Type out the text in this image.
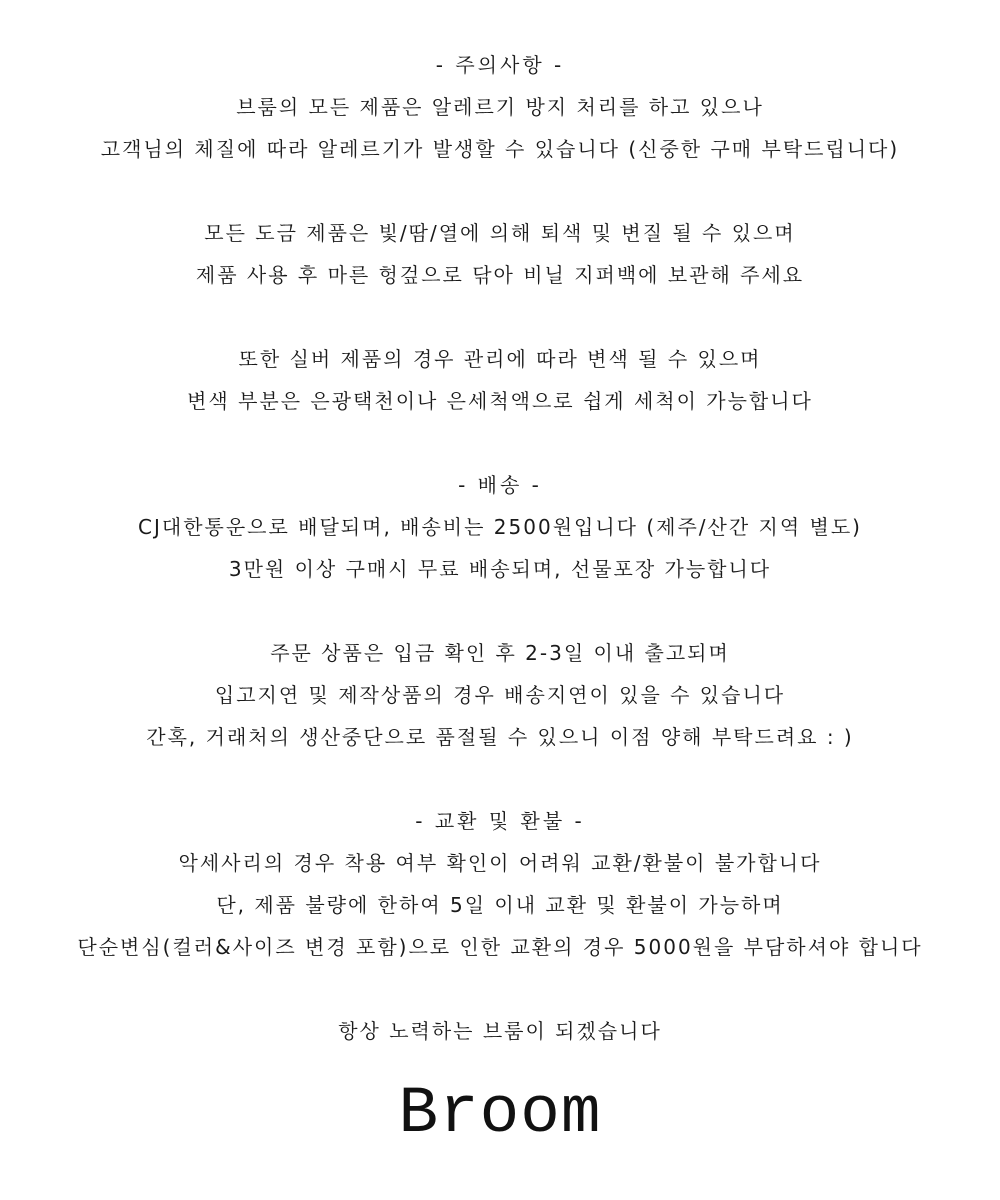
- 주의사항 -
브룸의 모든 제품은 알레르기 방지 처리를 하고 있으나
고객님의 체질에 따라 알레르기가 발생할 수 있습니다 (신중한 구매 부탁드립니다)
모든 도금 제품은 빛/땀/열에 의해 퇴색 및 변질 될 수 있으며
제품 사용 후 마른 헝겊으로 닦아 비닐 지퍼백에 보관해 주세요
또한 실버 제품의 경우 관리에 따라 변색 될 수 있으며
변색 부분은 은광택천이나 은세척액으로 쉽게 세척이 가능합니다
- 배송 -
CJ대한통운으로 배달되며, 배송비는 2500원입니다 (제주/산간 지역 별도)
3만원 이상 구매시 무료 배송되며, 선물포장 가능합니다
주문 상품은 입금 확인 후 2-3일 이내 출고되며
입고지연 및 제작상품의 경우 배송지연이 있을 수 있습니다
간혹, 거래처의 생산중단으로 품절될 수 있으니 이점 양해 부탁드려요 : )
- 교환 및 환불 -
악세사리의 경우 착용 여부 확인이 어려워 교환/환불이 불가합니다
단, 제품 불량에 한하여 5일 이내 교환 및 환불이 가능하며
단순변심(컬러&사이즈 변경 포함)으로 인한 교환의 경우 5000원을 부담하셔야 합니다
항상 노력하는 브룸이 되겠습니다
Broom
